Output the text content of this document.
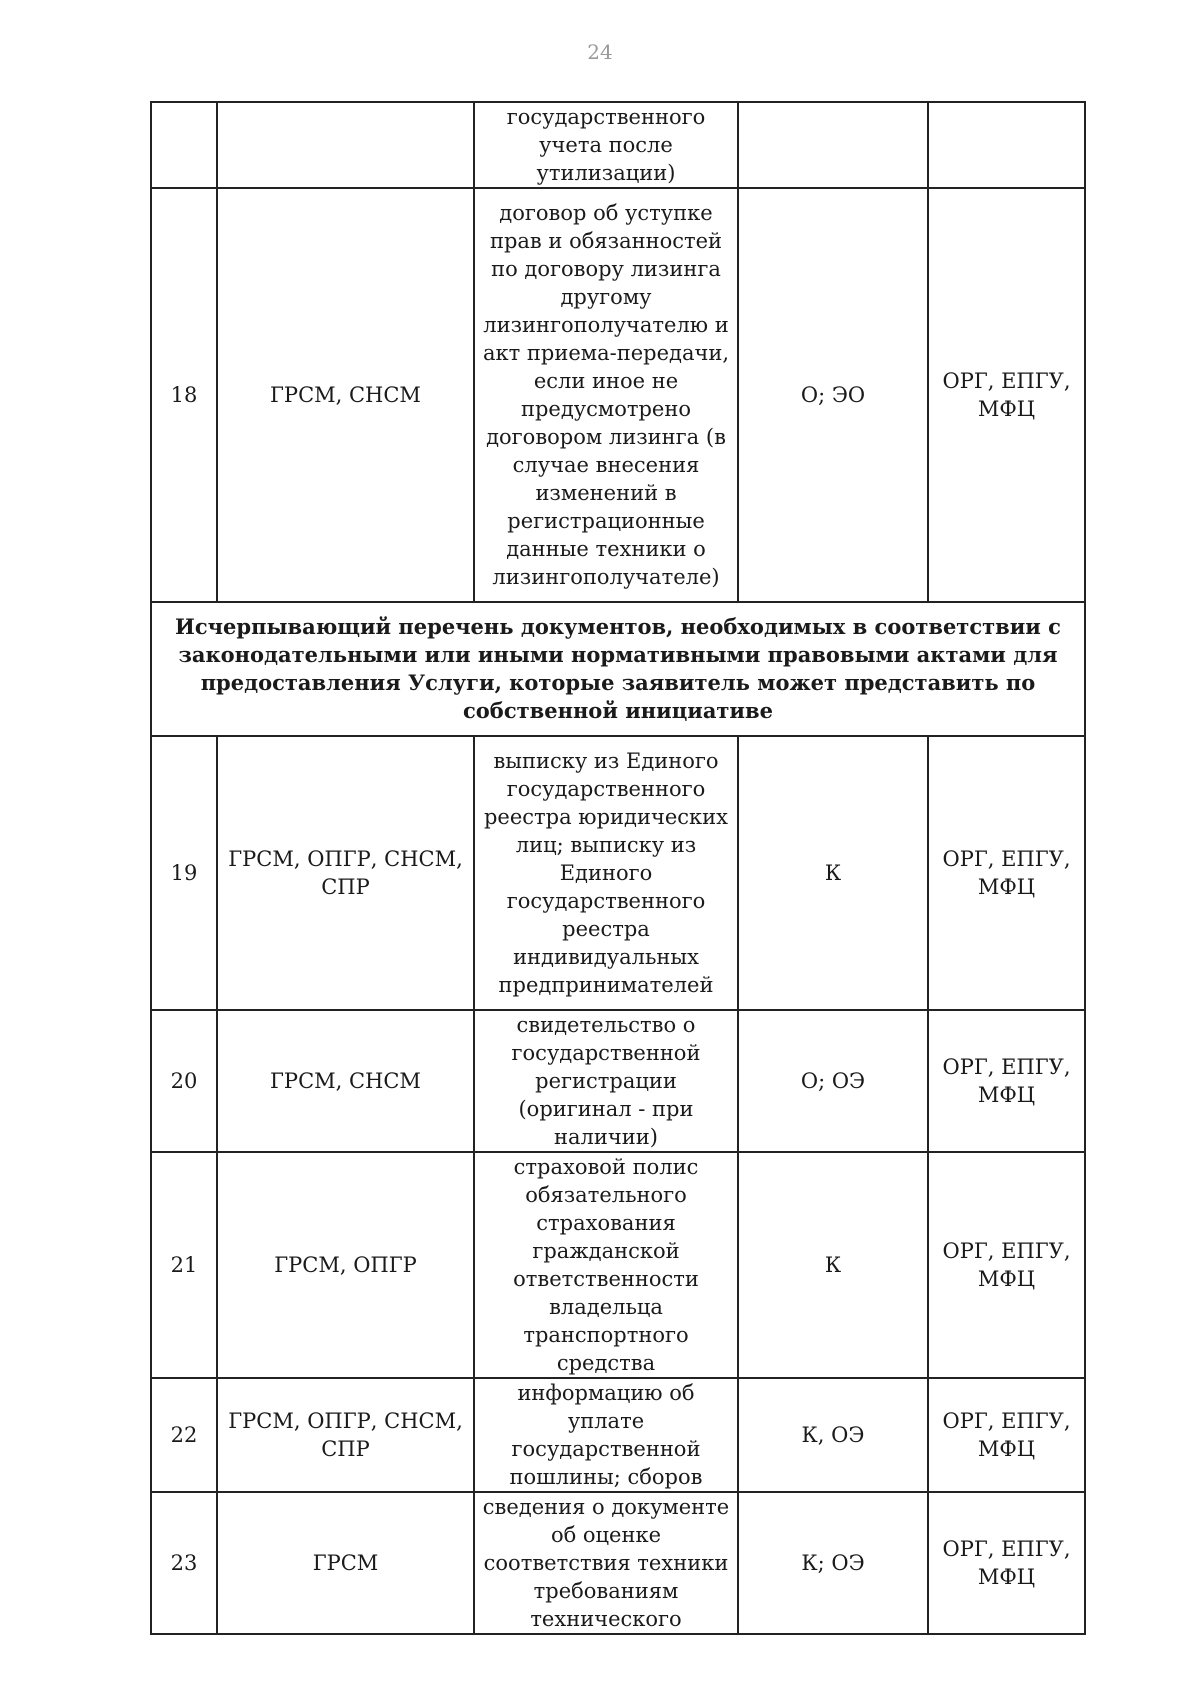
24
		государственного учета после утилизации)		
18	ГРСМ, СНСМ	договор об уступке прав и обязанностей по договору лизинга другому лизингополучателю и акт приема-передачи, если иное не предусмотрено договором лизинга (в случае внесения изменений в регистрационные данные техники о лизингополучателе)	О; ЭО	ОРГ, ЕПГУ, МФЦ
Исчерпывающий перечень документов, необходимых в соответствии с законодательными или иными нормативными правовыми актами для предоставления Услуги, которые заявитель может представить по собственной инициативе				
19	ГРСМ, ОПГР, СНСМ, СПР	выписку из Единого государственного реестра юридических лиц; выписку из Единого государственного реестра индивидуальных предпринимателей	К	ОРГ, ЕПГУ, МФЦ
20	ГРСМ, СНСМ	свидетельство о государственной регистрации (оригинал - при наличии)	О; ОЭ	ОРГ, ЕПГУ, МФЦ
21	ГРСМ, ОПГР	страховой полис обязательного страхования гражданской ответственности владельца транспортного средства	К	ОРГ, ЕПГУ, МФЦ
22	ГРСМ, ОПГР, СНСМ, СПР	информацию об уплате государственной пошлины; сборов	К, ОЭ	ОРГ, ЕПГУ, МФЦ
23	ГРСМ	сведения о документе об оценке соответствия техники требованиям технического	К; ОЭ	ОРГ, ЕПГУ, МФЦ
